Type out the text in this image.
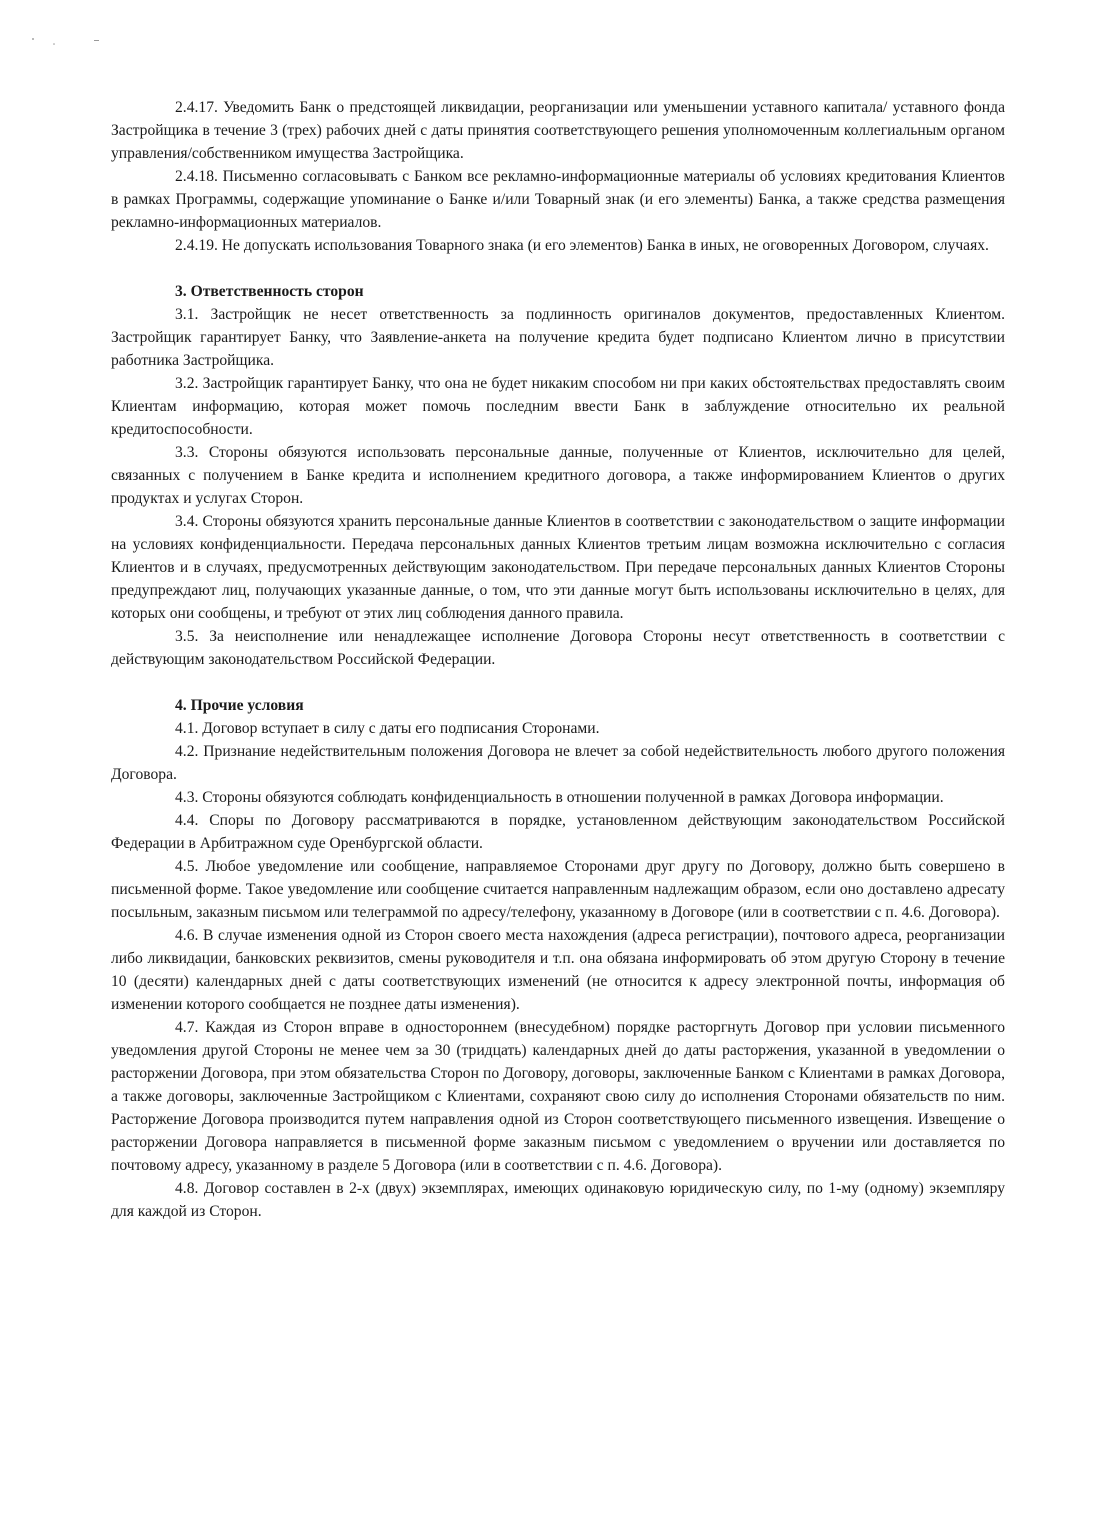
2.4.17. Уведомить Банк о предстоящей ликвидации, реорганизации или уменьшении уставного капитала/ уставного фонда Застройщика в течение 3 (трех) рабочих дней с даты принятия соответствующего решения уполномоченным коллегиальным органом управления/собственником имущества Застройщика.

2.4.18. Письменно согласовывать с Банком все рекламно-информационные материалы об условиях кредитования Клиентов в рамках Программы, содержащие упоминание о Банке и/или Товарный знак (и его элементы) Банка, а также средства размещения рекламно-информационных материалов.

2.4.19. Не допускать использования Товарного знака (и его элементов) Банка в иных, не оговоренных Договором, случаях.

3. Ответственность сторон

3.1. Застройщик не несет ответственность за подлинность оригиналов документов, предоставленных Клиентом. Застройщик гарантирует Банку, что Заявление-анкета на получение кредита будет подписано Клиентом лично в присутствии работника Застройщика.

3.2. Застройщик гарантирует Банку, что она не будет никаким способом ни при каких обстоятельствах предоставлять своим Клиентам информацию, которая может помочь последним ввести Банк в заблуждение относительно их реальной кредитоспособности.

3.3. Стороны обязуются использовать персональные данные, полученные от Клиентов, исключительно для целей, связанных с получением в Банке кредита и исполнением кредитного договора, а также информированием Клиентов о других продуктах и услугах Сторон.

3.4. Стороны обязуются хранить персональные данные Клиентов в соответствии с законодательством о защите информации на условиях конфиденциальности. Передача персональных данных Клиентов третьим лицам возможна исключительно с согласия Клиентов и в случаях, предусмотренных действующим законодательством. При передаче персональных данных Клиентов Стороны предупреждают лиц, получающих указанные данные, о том, что эти данные могут быть использованы исключительно в целях, для которых они сообщены, и требуют от этих лиц соблюдения данного правила.

3.5. За неисполнение или ненадлежащее исполнение Договора Стороны несут ответственность в соответствии с действующим законодательством Российской Федерации.

4. Прочие условия

4.1. Договор вступает в силу с даты его подписания Сторонами.

4.2. Признание недействительным положения Договора не влечет за собой недействительность любого другого положения Договора.

4.3. Стороны обязуются соблюдать конфиденциальность в отношении полученной в рамках Договора информации.

4.4. Споры по Договору рассматриваются в порядке, установленном действующим законодательством Российской Федерации в Арбитражном суде Оренбургской области.

4.5. Любое уведомление или сообщение, направляемое Сторонами друг другу по Договору, должно быть совершено в письменной форме. Такое уведомление или сообщение считается направленным надлежащим образом, если оно доставлено адресату посыльным, заказным письмом или телеграммой по адресу/телефону, указанному в Договоре (или в соответствии с п. 4.6. Договора).

4.6. В случае изменения одной из Сторон своего места нахождения (адреса регистрации), почтового адреса, реорганизации либо ликвидации, банковских реквизитов, смены руководителя и т.п. она обязана информировать об этом другую Сторону в течение 10 (десяти) календарных дней с даты соответствующих изменений (не относится к адресу электронной почты, информация об изменении которого сообщается не позднее даты изменения).

4.7. Каждая из Сторон вправе в одностороннем (внесудебном) порядке расторгнуть Договор при условии письменного уведомления другой Стороны не менее чем за 30 (тридцать) календарных дней до даты расторжения, указанной в уведомлении о расторжении Договора, при этом обязательства Сторон по Договору, договоры, заключенные Банком с Клиентами в рамках Договора, а также договоры, заключенные Застройщиком с Клиентами, сохраняют свою силу до исполнения Сторонами обязательств по ним. Расторжение Договора производится путем направления одной из Сторон соответствующего письменного извещения. Извещение о расторжении Договора направляется в письменной форме заказным письмом с уведомлением о вручении или доставляется по почтовому адресу, указанному в разделе 5 Договора (или в соответствии с п. 4.6. Договора).

4.8. Договор составлен в 2-х (двух) экземплярах, имеющих одинаковую юридическую силу, по 1-му (одному) экземпляру для каждой из Сторон.
